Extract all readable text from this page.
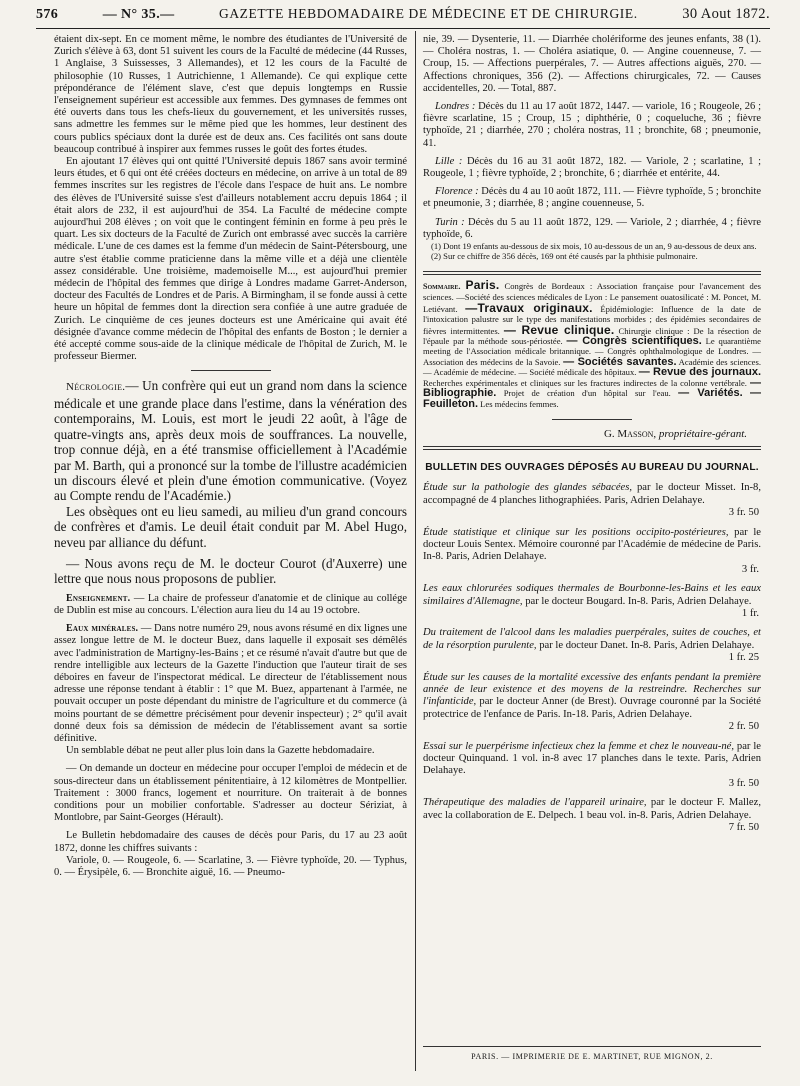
576	— N° 35.—	GAZETTE HEBDOMADAIRE DE MÉDECINE ET DE CHIRURGIE.	30 Aout 1872.

étaient dix-sept. En ce moment même, le nombre des étudiantes de l'Université de Zurich s'élève à 63, dont 51 suivent les cours de la Faculté de médecine (44 Russes, 1 Anglaise, 3 Suissesses, 3 Allemandes), et 12 les cours de la Faculté de philosophie (10 Russes, 1 Autrichienne, 1 Allemande). Ce qui explique cette prépondérance de l'élément slave, c'est que depuis longtemps en Russie l'enseignement supérieur est accessible aux femmes. Des gymnases de femmes ont été ouverts dans tous les chefs-lieux du gouvernement, et les universités russes, sans admettre les femmes sur le même pied que les hommes, leur destinent des cours publics spéciaux dont la durée est de deux ans. Ces facilités ont sans doute beaucoup contribué à inspirer aux femmes russes le goût des fortes études.

En ajoutant 17 élèves qui ont quitté l'Université depuis 1867 sans avoir terminé leurs études, et 6 qui ont été créées docteurs en médecine, on arrive à un total de 89 femmes inscrites sur les registres de l'école dans l'espace de huit ans. Le nombre des élèves de l'Université suisse s'est d'ailleurs notablement accru depuis 1864 ; il était alors de 232, il est aujourd'hui de 354. La Faculté de médecine compte aujourd'hui 208 élèves ; on voit que le contingent féminin en forme à peu près le quart. Les six docteurs de la Faculté de Zurich ont embrassé avec succès la carrière médicale. L'une de ces dames est la femme d'un médecin de Saint-Pétersbourg, une autre s'est établie comme praticienne dans la même ville et a déjà une clientèle assez considérable. Une troisième, mademoiselle M..., est aujourd'hui premier médecin de l'hôpital des femmes que dirige à Londres madame Garret-Anderson, docteur des Facultés de Londres et de Paris. A Birmingham, il se fonde aussi à cette heure un hôpital de femmes dont la direction sera confiée à une autre graduée de Zurich. Le cinquième de ces jeunes docteurs est une Américaine qui avait été désignée d'avance comme médecin de l'hôpital des enfants de Boston ; le dernier a été accepté comme sous-aide de la clinique médicale de l'hôpital de Zurich, M. le professeur Biermer.

Nécrologie.— Un confrère qui eut un grand nom dans la science médicale et une grande place dans l'estime, dans la vénération des contemporains, M. Louis, est mort le jeudi 22 août, à l'âge de quatre-vingts ans, après deux mois de souffrances. La nouvelle, trop connue déjà, en a été transmise officiellement à l'Académie par M. Barth, qui a prononcé sur la tombe de l'illustre académicien un discours élevé et plein d'une émotion communicative. (Voyez au Compte rendu de l'Académie.)

Les obsèques ont eu lieu samedi, au milieu d'un grand concours de confrères et d'amis. Le deuil était conduit par M. Abel Hugo, neveu par alliance du défunt.

— Nous avons reçu de M. le docteur Courot (d'Auxerre) une lettre que nous nous proposons de publier.

Enseignement. — La chaire de professeur d'anatomie et de clinique au collége de Dublin est mise au concours. L'élection aura lieu du 14 au 19 octobre.

Eaux minérales. — Dans notre numéro 29, nous avons résumé en dix lignes une assez longue lettre de M. le docteur Buez, dans laquelle il exposait ses démêlés avec l'administration de Martigny-les-Bains ; et ce résumé n'avait d'autre but que de rendre intelligible aux lecteurs de la Gazette l'induction que l'auteur tirait de ses déboires en faveur de l'inspectorat médical. Le directeur de l'établissement nous adresse une réponse tendant à établir : 1° que M. Buez, appartenant à l'armée, ne pouvait occuper un poste dépendant du ministre de l'agriculture et du commerce (à moins pourtant de se démettre précisément pour devenir inspecteur) ; 2° qu'il avait donné deux fois sa démission de médecin de l'établissement avant sa sortie définitive.

Un semblable débat ne peut aller plus loin dans la Gazette hebdomadaire.

— On demande un docteur en médecine pour occuper l'emploi de médecin et de sous-directeur dans un établissement pénitentiaire, à 12 kilomètres de Montpellier. Traitement : 3000 francs, logement et nourriture. On traiterait à de bonnes conditions pour un mobilier confortable. S'adresser au docteur Sériziat, à Montlobre, par Saint-Georges (Hérault).

Le Bulletin hebdomadaire des causes de décès pour Paris, du 17 au 23 août 1872, donne les chiffres suivants :

Variole, 0. — Rougeole, 6. — Scarlatine, 3. — Fièvre typhoïde, 20. — Typhus, 0. — Érysipèle, 6. — Bronchite aiguë, 16. — Pneumo-

nie, 39. — Dysenterie, 11. — Diarrhée cholériforme des jeunes enfants, 38 (1). — Choléra nostras, 1. — Choléra asiatique, 0. — Angine couenneuse, 7. — Croup, 15. — Affections puerpérales, 7. — Autres affections aiguës, 270. — Affections chroniques, 356 (2). — Affections chirurgicales, 72. — Causes accidentelles, 20. — Total, 887.

Londres : Décès du 11 au 17 août 1872, 1447. — variole, 16 ; Rougeole, 26 ; fièvre scarlatine, 15 ; Croup, 15 ; diphthérie, 0 ; coqueluche, 36 ; fièvre typhoïde, 21 ; diarrhée, 270 ; choléra nostras, 11 ; bronchite, 68 ; pneumonie, 41.

Lille : Décès du 16 au 31 août 1872, 182. — Variole, 2 ; scarlatine, 1 ; Rougeole, 1 ; fièvre typhoïde, 2 ; bronchite, 6 ; diarrhée et entérite, 44.

Florence : Décès du 4 au 10 août 1872, 111. — Fièvre typhoïde, 5 ; bronchite et pneumonie, 3 ; diarrhée, 8 ; angine couenneuse, 5.

Turin : Décès du 5 au 11 août 1872, 129. — Variole, 2 ; diarrhée, 4 ; fièvre typhoïde, 6.

(1) Dont 19 enfants au-dessous de six mois, 10 au-dessous de un an, 9 au-dessous de deux ans.

(2) Sur ce chiffre de 356 décès, 169 ont été causés par la phthisie pulmonaire.

Sommaire. Paris. Congrès de Bordeaux : Association française pour l'avancement des sciences. —Société des sciences médicales de Lyon : Le pansement ouatosilicaté : M. Poncet, M. Letiévant. —Travaux originaux. Épidémiologie: Influence de la date de l'intoxication palustre sur le type des manifestations morbides ; des épidémies secondaires de fièvres intermittentes. — Revue clinique. Chirurgie clinique : De la résection de l'épaule par la méthode sous-périostée. — Congrès scientifiques. Le quarantième meeting de l'Association médicale britannique. — Congrès ophthalmologique de Londres. — Association des médecins de la Savoie. — Sociétés savantes. Académie des sciences. — Académie de médecine. — Société médicale des hôpitaux. — Revue des journaux. Recherches expérimentales et cliniques sur les fractures indirectes de la colonne vertébrale. — Bibliographie. Projet de création d'un hôpital sur l'eau. — Variétés. — Feuilleton. Les médecins femmes.

G. Masson, propriétaire-gérant.

BULLETIN DES OUVRAGES DÉPOSÉS AU BUREAU DU JOURNAL.

Étude sur la pathologie des glandes sébacées, par le docteur Misset. In-8, accompagné de 4 planches lithographiées. Paris, Adrien Delahaye.
3 fr. 50

Étude statistique et clinique sur les positions occipito-postérieures, par le docteur Louis Sentex. Mémoire couronné par l'Académie de médecine de Paris. In-8. Paris, Adrien Delahaye.
3 fr.

Les eaux chlorurées sodiques thermales de Bourbonne-les-Bains et les eaux similaires d'Allemagne, par le docteur Bougard. In-8. Paris, Adrien Delahaye.
1 fr.

Du traitement de l'alcool dans les maladies puerpérales, suites de couches, et de la résorption purulente, par le docteur Danet. In-8. Paris, Adrien Delahaye.
1 fr. 25

Étude sur les causes de la mortalité excessive des enfants pendant la première année de leur existence et des moyens de la restreindre. Recherches sur l'infanticide, par le docteur Anner (de Brest). Ouvrage couronné par la Société protectrice de l'enfance de Paris. In-18. Paris, Adrien Delahaye.
2 fr. 50

Essai sur le puerpérisme infectieux chez la femme et chez le nouveau-né, par le docteur Quinquand. 1 vol. in-8 avec 17 planches dans le texte. Paris, Adrien Delahaye.
3 fr. 50

Thérapeutique des maladies de l'appareil urinaire, par le docteur F. Mallez, avec la collaboration de E. Delpech. 1 beau vol. in-8. Paris, Adrien Delahaye.
7 fr. 50

PARIS. — IMPRIMERIE DE E. MARTINET, RUE MIGNON, 2.
